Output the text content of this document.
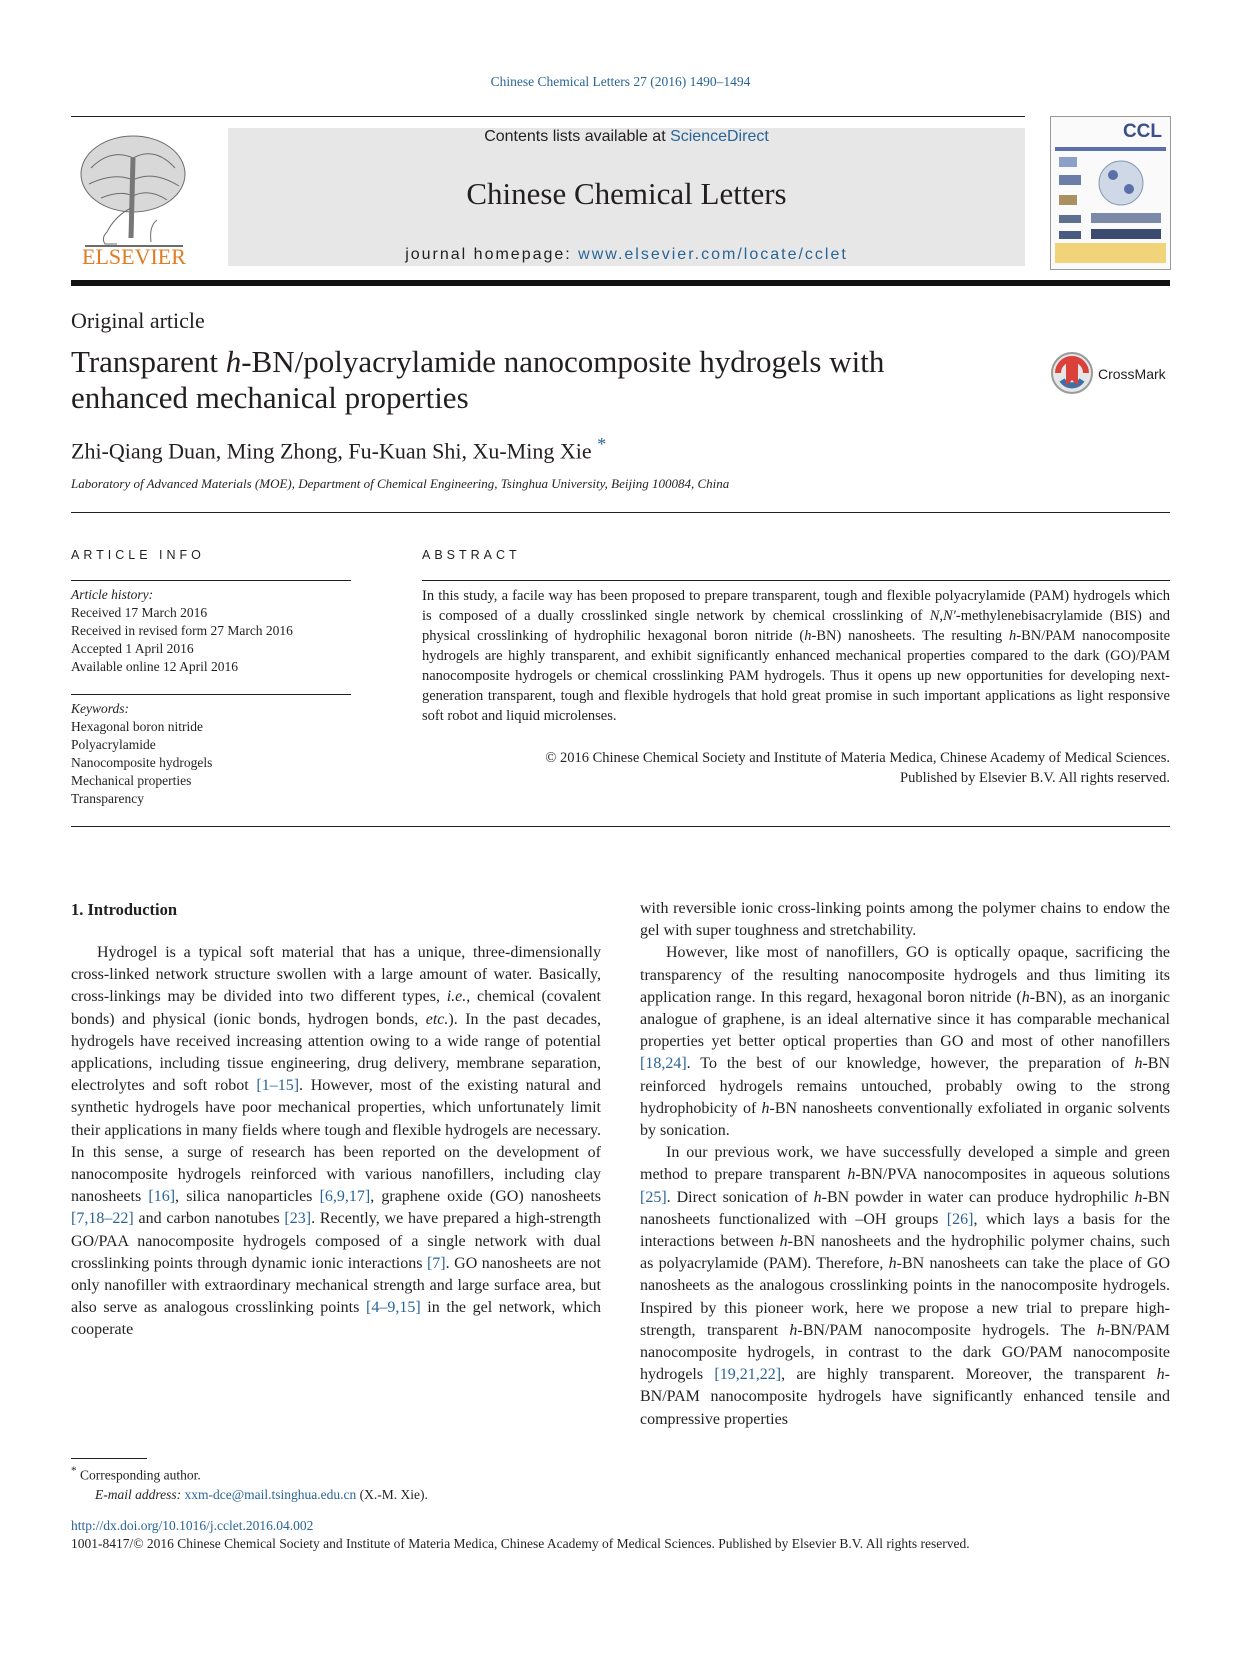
Chinese Chemical Letters 27 (2016) 1490–1494
ELSEVIER
Contents lists available at ScienceDirect
Chinese Chemical Letters
journal homepage: www.elsevier.com/locate/cclet
CCL
Original article
Transparent h-BN/polyacrylamide nanocomposite hydrogels with enhanced mechanical properties
CrossMark
Zhi-Qiang Duan, Ming Zhong, Fu-Kuan Shi, Xu-Ming Xie *
Laboratory of Advanced Materials (MOE), Department of Chemical Engineering, Tsinghua University, Beijing 100084, China
ARTICLE INFO
Article history:
Received 17 March 2016
Received in revised form 27 March 2016
Accepted 1 April 2016
Available online 12 April 2016
Keywords:
Hexagonal boron nitride
Polyacrylamide
Nanocomposite hydrogels
Mechanical properties
Transparency
ABSTRACT
In this study, a facile way has been proposed to prepare transparent, tough and flexible polyacrylamide (PAM) hydrogels which is composed of a dually crosslinked single network by chemical crosslinking of N,N′-methylenebisacrylamide (BIS) and physical crosslinking of hydrophilic hexagonal boron nitride (h-BN) nanosheets. The resulting h-BN/PAM nanocomposite hydrogels are highly transparent, and exhibit significantly enhanced mechanical properties compared to the dark (GO)/PAM nanocomposite hydrogels or chemical crosslinking PAM hydrogels. Thus it opens up new opportunities for developing next-generation transparent, tough and flexible hydrogels that hold great promise in such important applications as light responsive soft robot and liquid microlenses.
© 2016 Chinese Chemical Society and Institute of Materia Medica, Chinese Academy of Medical Sciences.
Published by Elsevier B.V. All rights reserved.
1. Introduction

Hydrogel is a typical soft material that has a unique, three-dimensionally cross-linked network structure swollen with a large amount of water. Basically, cross-linkings may be divided into two different types, i.e., chemical (covalent bonds) and physical (ionic bonds, hydrogen bonds, etc.). In the past decades, hydrogels have received increasing attention owing to a wide range of potential applications, including tissue engineering, drug delivery, membrane separation, electrolytes and soft robot [1–15]. However, most of the existing natural and synthetic hydrogels have poor mechanical properties, which unfortunately limit their applications in many fields where tough and flexible hydrogels are necessary. In this sense, a surge of research has been reported on the development of nanocomposite hydrogels reinforced with various nanofillers, including clay nanosheets [16], silica nanoparticles [6,9,17], graphene oxide (GO) nanosheets [7,18–22] and carbon nanotubes [23]. Recently, we have prepared a high-strength GO/PAA nanocomposite hydrogels composed of a single network with dual crosslinking points through dynamic ionic interactions [7]. GO nanosheets are not only nanofiller with extraordinary mechanical strength and large surface area, but also serve as analogous crosslinking points [4–9,15] in the gel network, which cooperate

with reversible ionic cross-linking points among the polymer chains to endow the gel with super toughness and stretchability.

However, like most of nanofillers, GO is optically opaque, sacrificing the transparency of the resulting nanocomposite hydrogels and thus limiting its application range. In this regard, hexagonal boron nitride (h-BN), as an inorganic analogue of graphene, is an ideal alternative since it has comparable mechanical properties yet better optical properties than GO and most of other nanofillers [18,24]. To the best of our knowledge, however, the preparation of h-BN reinforced hydrogels remains untouched, probably owing to the strong hydrophobicity of h-BN nanosheets conventionally exfoliated in organic solvents by sonication.

In our previous work, we have successfully developed a simple and green method to prepare transparent h-BN/PVA nanocomposites in aqueous solutions [25]. Direct sonication of h-BN powder in water can produce hydrophilic h-BN nanosheets functionalized with –OH groups [26], which lays a basis for the interactions between h-BN nanosheets and the hydrophilic polymer chains, such as polyacrylamide (PAM). Therefore, h-BN nanosheets can take the place of GO nanosheets as the analogous crosslinking points in the nanocomposite hydrogels. Inspired by this pioneer work, here we propose a new trial to prepare high-strength, transparent h-BN/PAM nanocomposite hydrogels. The h-BN/PAM nanocomposite hydrogels, in contrast to the dark GO/PAM nanocomposite hydrogels [19,21,22], are highly transparent. Moreover, the transparent h-BN/PAM nanocomposite hydrogels have significantly enhanced tensile and compressive properties

* Corresponding author.
E-mail address: xxm-dce@mail.tsinghua.edu.cn (X.-M. Xie).
http://dx.doi.org/10.1016/j.cclet.2016.04.002
1001-8417/© 2016 Chinese Chemical Society and Institute of Materia Medica, Chinese Academy of Medical Sciences. Published by Elsevier B.V. All rights reserved.
